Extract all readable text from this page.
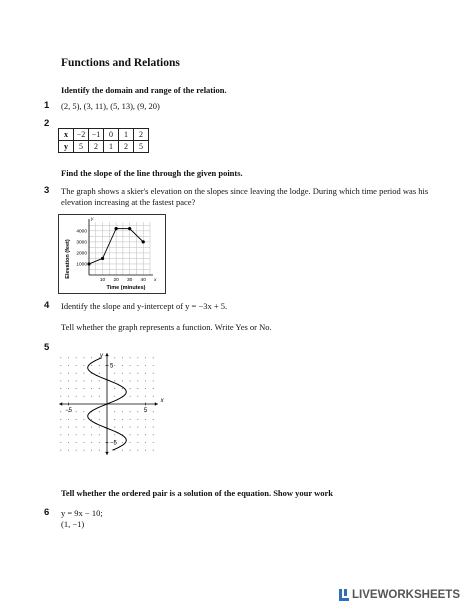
Functions and Relations
Identify the domain and range of the relation.
1 (2, 5), (3, 11), (5, 13), (9, 20)
2
x	−2	−1	0	1	2
y	5	2	1	2	5
Find the slope of the line through the given points.
3 The graph shows a skier's elevation on the slopes since leaving the lodge. During which time period was his elevation increasing at the fastest pace?
10 20 30 40 x
1000
2000
3000
4000
y
Elevation (feet)
Time (minutes)
4 Identify the slope and y-intercept of y = −3x + 5.
Tell whether the graph represents a function. Write Yes or No.
5
−5	5
5
−5
x
y
Tell whether the ordered pair is a solution of the equation. Show your work
6 y = 9x − 10;
(1, −1)
LIVEWORKSHEETS
